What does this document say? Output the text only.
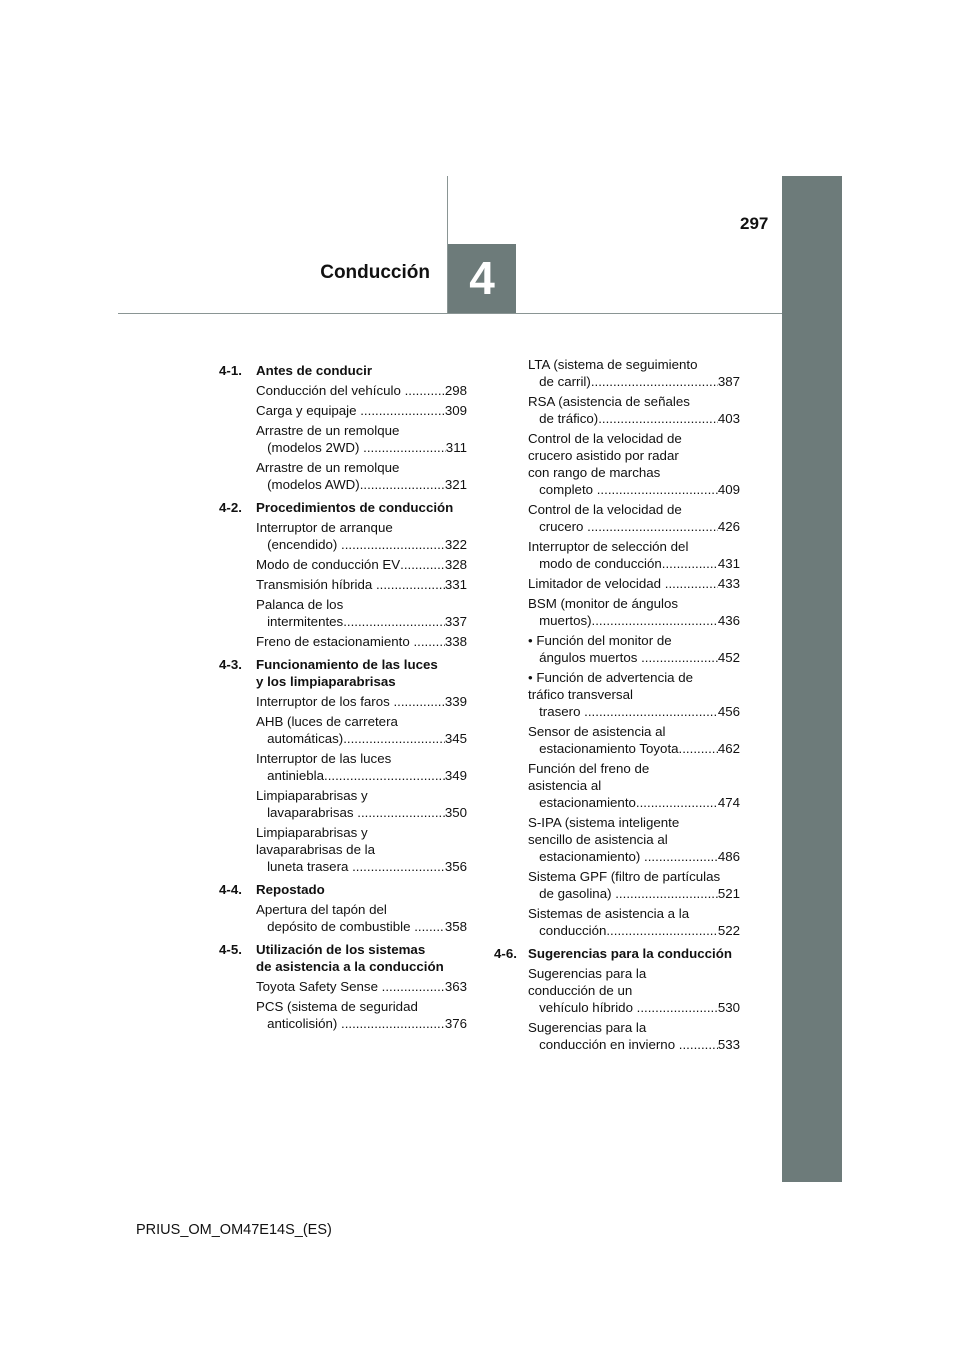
4
Conducción
297
4-1. Antes de conducir
Conducción del vehículo .....	298
Carga y equipaje .....	309
Arrastre de un remolque
(modelos 2WD) .....	311
Arrastre de un remolque
(modelos AWD) .....	321
4-2. Procedimientos de conducción
Interruptor de arranque
(encendido) .....	322
Modo de conducción EV .....	328
Transmisión híbrida .....	331
Palanca de los
intermitentes .....	337
Freno de estacionamiento ..... 338
4-3. Funcionamiento de las luces
y los limpiaparabrisas
Interruptor de los faros .....	339
AHB (luces de carretera
automáticas) .....	345
Interruptor de las luces
antiniebla .....	349
Limpiaparabrisas y
lavaparabrisas .....	350
Limpiaparabrisas y
lavaparabrisas de la
luneta trasera .....	356
4-4. Repostado
Apertura del tapón del
depósito de combustible ..... 358
4-5. Utilización de los sistemas
de asistencia a la conducción
Toyota Safety Sense .....	363
PCS (sistema de seguridad
anticolisión) .....	376
LTA (sistema de seguimiento
de carril) .....	387
RSA (asistencia de señales
de tráfico) .....	403
Control de la velocidad de
crucero asistido por radar
con rango de marchas
completo .....	409
Control de la velocidad de
crucero .....	426
Interruptor de selección del
modo de conducción .....	431
Limitador de velocidad .....	433
BSM (monitor de ángulos
muertos) .....	436
• Función del monitor de
ángulos muertos .....	452
• Función de advertencia de
tráfico transversal
trasero .....	456
Sensor de asistencia al
estacionamiento Toyota .....	462
Función del freno de
asistencia al
estacionamiento .....	474
S-IPA (sistema inteligente
sencillo de asistencia al
estacionamiento) .....	486
Sistema GPF (filtro de partículas
de gasolina) .....	521
Sistemas de asistencia a la
conducción .....	522
4-6. Sugerencias para la conducción
Sugerencias para la
conducción de un
vehículo híbrido .....	530
Sugerencias para la
conducción en invierno .....	533
PRIUS_OM_OM47E14S_(ES)
